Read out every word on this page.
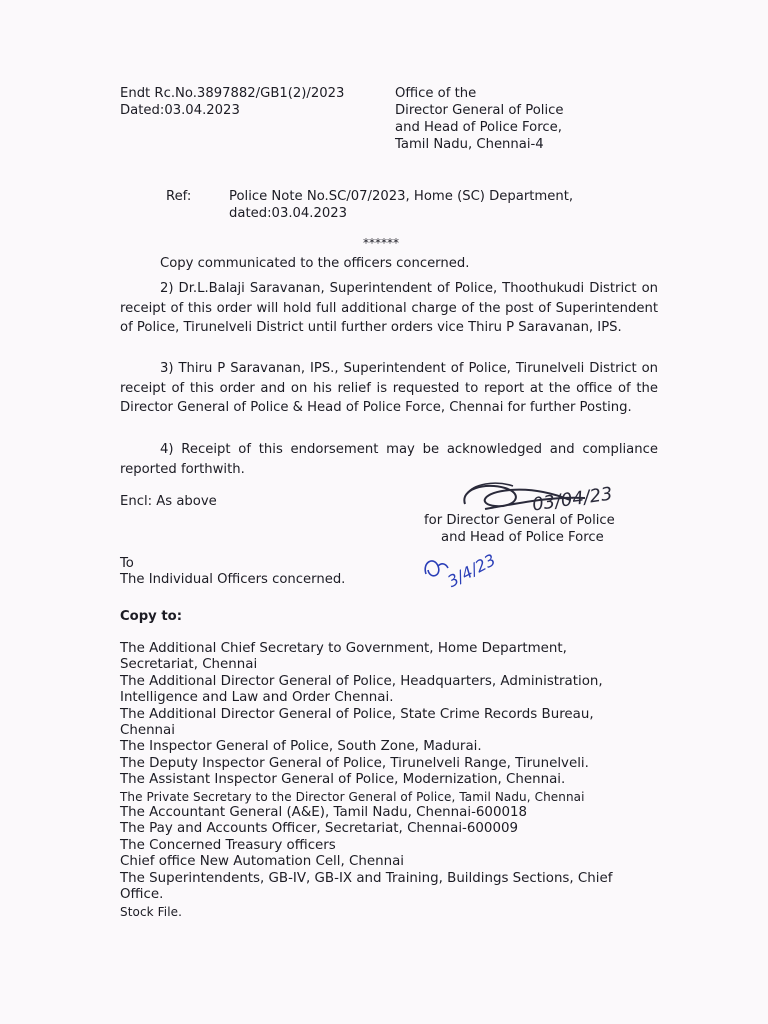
Endt Rc.No.3897882/GB1(2)/2023
Dated:03.04.2023
Office of the
Director General of Police
and Head of Police Force,
Tamil Nadu, Chennai-4
Ref:	Police Note No.SC/07/2023, Home (SC) Department,
dated:03.04.2023
******
Copy communicated to the officers concerned.
2) Dr.L.Balaji Saravanan, Superintendent of Police, Thoothukudi District on receipt of this order will hold full additional charge of the post of Superintendent of Police, Tirunelveli District until further orders vice Thiru P Saravanan, IPS.
3) Thiru P Saravanan, IPS., Superintendent of Police, Tirunelveli District on receipt of this order and on his relief is requested to report at the office of the Director General of Police & Head of Police Force, Chennai for further Posting.
4) Receipt of this endorsement may be acknowledged and compliance reported forthwith.
Encl: As above	03/04/23
for Director General of Police
and Head of Police Force
3/4/23
To
The Individual Officers concerned.
Copy to:
The Additional Chief Secretary to Government, Home Department,
Secretariat, Chennai
The Additional Director General of Police, Headquarters, Administration,
Intelligence and Law and Order Chennai.
The Additional Director General of Police, State Crime Records Bureau,
Chennai
The Inspector General of Police, South Zone, Madurai.
The Deputy Inspector General of Police, Tirunelveli Range, Tirunelveli.
The Assistant Inspector General of Police, Modernization, Chennai.
The Private Secretary to the Director General of Police, Tamil Nadu, Chennai
The Accountant General (A&E), Tamil Nadu, Chennai-600018
The Pay and Accounts Officer, Secretariat, Chennai-600009
The Concerned Treasury officers
Chief office New Automation Cell, Chennai
The Superintendents, GB-IV, GB-IX and Training, Buildings Sections, Chief
Office.
Stock File.
